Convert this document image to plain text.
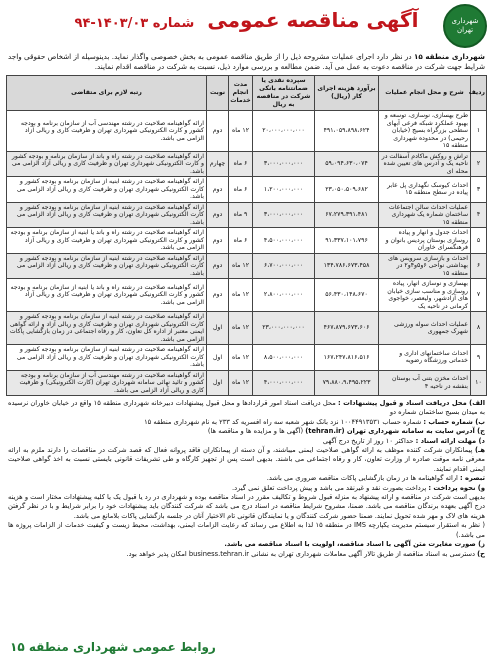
شهرداری تهران
آگهی مناقصه عمومی شماره ۱۴۰۳/۰۳-۹۴
شهرداری منطقه ۱۵ در نظر دارد اجرای عملیات مشروحه ذیل را از طریق مناقصه عمومی به بخش خصوصی واگذار نماید. بدینوسیله از اشخاص حقوقی واجد شرایط جهت شرکت در مناقصه دعوت به عمل می آید. ضمن مطالعه و بررسی موارد ذیل، نسبت به شرکت در مناقصه اقدام نمایند.
ردیف	شرح و محل انجام عملیات	برآورد هزینه اجرای کار (ریال)	سپرده نقدی یا ضمانتنامه بانکی شرکت در مناقصه به ریال	مدت انجام خدمات	نوبت	رتبه لازم برای متقاضی
۱	طرح بهسازی، نوسازی، توسعه و بهبود عملکرد شبکه فرعی آبهای سطحی بزرگراه بسیج (خیابان رحیمی) در محدوده شهرداری منطقه ۱۵	۴۹۱،۰۵۹،۸۹۸،۶۲۴	۲۰،۰۰۰،۰۰۰،۰۰۰	۱۲ ماه	دوم	ارائه گواهینامه صلاحیت در رشته مهندسی آب از سازمان برنامه و بودجه کشور و کارت الکترونیکی شهرداری تهران و ظرفیت کاری و ریالی آزاد الزامی می باشد.
۲	تراش و روکش ماکادم آسفالت در ناحیه یک و آدرس های تعیین شده محله ای	۵۹،۰۹۴،۶۳۰،۰۷۴	۳،۰۰۰،۰۰۰،۰۰۰	۶ ماه	چهارم	ارائه گواهینامه صلاحیت در رشته راه و باند از سازمان برنامه و بودجه کشور و کارت الکترونیکی شهرداری تهران و ظرفیت کاری و ریالی آزاد الزامی می باشد.
۳	احداث کیوسک نگهداری پل عابر پیاده در سطح منطقه ۱۵	۲۳،۰۵۰،۵۰۹،۶۸۲	۱،۲۰۰،۰۰۰،۰۰۰	۶ ماه	دوم	ارائه گواهینامه صلاحیت در رشته ابنیه از سازمان برنامه و بودجه کشور و کارت الکترونیکی شهرداری تهران و ظرفیت کاری و ریالی آزاد الزامی می باشد.
۴	عملیات احداث سالن اجتماعات ساختمان شماره یک شهرداری منطقه ۱۵	۶۷،۲۷۹،۳۹۱،۴۸۱	۳،۰۰۰،۰۰۰،۰۰۰	۹ ماه	دوم	ارائه گواهینامه صلاحیت در رشته ابنیه از سازمان برنامه و بودجه کشور و کارت الکترونیکی شهرداری تهران و ظرفیت کاری و ریالی آزاد الزامی می باشد.
۵	احداث جدول و انهار و پیاده روسازی بوستان پردیس بانوان و فرهنگسرای خاوران	۹۱،۳۳۷،۱۰۱،۷۹۶	۴،۵۰۰،۰۰۰،۰۰۰	۶ ماه	دوم	ارائه گواهینامه صلاحیت در رشته راه و باند یا ابنیه از سازمان برنامه و بودجه کشور و کارت الکترونیکی شهرداری تهران و ظرفیت کاری و ریالی آزاد الزامی می باشد.
۶	احداث و بازسازی سرویس های بهداشتی نواحی ۶و۵و۴و۲ در منطقه ۱۵	۱۳۴،۷۸۶،۶۷۳،۴۵۸	۶،۷۰۰،۰۰۰،۰۰۰	۱۲ ماه	دوم	ارائه گواهینامه صلاحیت در رشته ابنیه از سازمان برنامه و بودجه کشور و کارت الکترونیکی شهرداری تهران و ظرفیت کاری و ریالی آزاد الزامی می باشد.
۷	بهسازی و نوسازی انهار، پیاده روسازی و مناسب سازی خیابان های آزادشهر، ولیعصر، خواجوی کرمانی در ناحیه یک	۵۶،۴۳۰،۱۴۸،۶۷۰	۲،۸۰۰،۰۰۰،۰۰۰	۱۲ ماه	دوم	ارائه گواهینامه صلاحیت در رشته راه و باند یا ابنیه از سازمان برنامه و بودجه کشور و کارت الکترونیکی شهرداری تهران و ظرفیت کاری و ریالی آزاد الزامی می باشد.
۸	عملیات احداث سوله ورزشی شهرک جمهوری	۴۶۷،۸۷۹،۶۷۳،۶۰۶	۲۳،۰۰۰،۰۰۰،۰۰۰	۱۲ ماه	اول	ارائه گواهینامه صلاحیت در رشته ابنیه از سازمان برنامه و بودجه کشور و کارت الکترونیکی شهرداری تهران و ظرفیت کاری و ریالی آزاد و ارائه گواهی ایمنی معتبر از اداره کل تعاون، کار و رفاه اجتماعی در زمان بازگشایی پاکات الزامی می باشد.
۹	احداث ساختمانهای اداری و خدماتی ورزشگاه رضویه	۱۶۷،۲۴۷،۸۱۶،۵۱۶	۸،۵۰۰،۰۰۰،۰۰۰	۱۲ ماه	اول	ارائه گواهینامه صلاحیت در رشته ابنیه از سازمان برنامه و بودجه کشور و کارت الکترونیکی شهرداری تهران و ظرفیت کاری و ریالی آزاد الزامی می باشد.
۱۰	احداث مخزن بتنی آب بوستان بنفشه در ناحیه ۴	۷۹،۸۸۰،۹،۴۹۵،۲۲۳	۴،۰۰۰،۰۰۰،۰۰۰	۱۲ ماه	اول	ارائه گواهینامه صلاحیت در رشته مهندسی آب از سازمان برنامه و بودجه کشور و تائید نهائی سامانه شهرداری تهران (کارت الکترونیکی) و ظرفیت کاری و ریالی آزاد الزامی می باشد.

الف) محل دریافت اسناد و قبول پیشنهادات : محل دریافت اسناد امور قراردادها و محل قبول پیشنهادات دبیرخانه شهرداری منطقه ۱۵ واقع در خیابان خاوران نرسیده به میدان بسیج ساختمان شماره دو

ب) شماره حساب : شماره حساب ۱۰۰۴۴۹۱۳۵۳۱ نزد بانک شهر شعبه سه راه افسریه کد ۲۳۳ به نام شهرداری منطقه ۱۵

ج) آدرس سایت به سامانه شهرداری تهران (tehran.ir) (آگهی ها و مزایده ها و مناقصه ها)

د) مهلت ارائه اسناد : حداکثر ۱۰ روز از تاریخ درج آگهی

هـ) پیمانکاران شرکت کننده موظف به ارائه گواهی صلاحیت ایمنی میباشند، و آن دسته از پیمانکاران فاقد پروانه فعال که قصد شرکت در مناقصات را دارند ملزم به ارائه معرفی نامه موقت صادره از وزارت تعاون، کار و رفاه اجتماعی می باشند. بدیهی است پس از تجهیز کارگاه و طی تشریفات قانونی بایستی نسبت به اخذ گواهی صلاحیت ایمنی اقدام نمایند.

تبصره : ارائه گواهینامه ها در زمان بازگشایی پاکات مناقصه ضروری می باشد.

و) نحوه پرداخت : پرداخت بصورت نقد و غیرنقد می باشد و پیش پرداخت تعلق نمی گیرد.

بدیهی است شرکت در مناقصه و ارائه پیشنهاد به منزله قبول شروط و تکالیف مقرر در اسناد مناقصه بوده و شهرداری در رد یا قبول یک یا کلیه پیشنهادات مختار است و هزینه درج آگهی بعهده برندگان مناقصه می باشد. ضمنا، مشروح شرایط مناقصه در اسناد درج می باشد که شرکت کنندگان باید پیشنهادات خود را برابر شرایط و با در نظر گرفتن هزینه های لاک و مهر شده تحویل نمایند. ضمنا حضور شرکت کنندگان و یا نمایندگان قانونی تام الاختیار آنان در جلسه بازگشایی پاکات بلامانع می باشد.

( نظر به استقرار سیستم مدیریت یکپارچه IMS در منطقه ۱۵ لذا به اطلاع می رساند که رعایت الزامات ایمنی، بهداشت، محیط زیست و کیفیت خدمات از الزامات پروژه ها می باشد.)

ز) صورت مغایرت متن آگهی با اسناد مناقصه، اولویت با اسناد مناقصه می باشد.

ح) دسترسی به اسناد مناقصه از طریق تالار آگهی معاملات شهرداری تهران به نشانی business.tehran.ir امکان پذیر خواهد بود.

روابط عمومی شهرداری منطقه ۱۵
